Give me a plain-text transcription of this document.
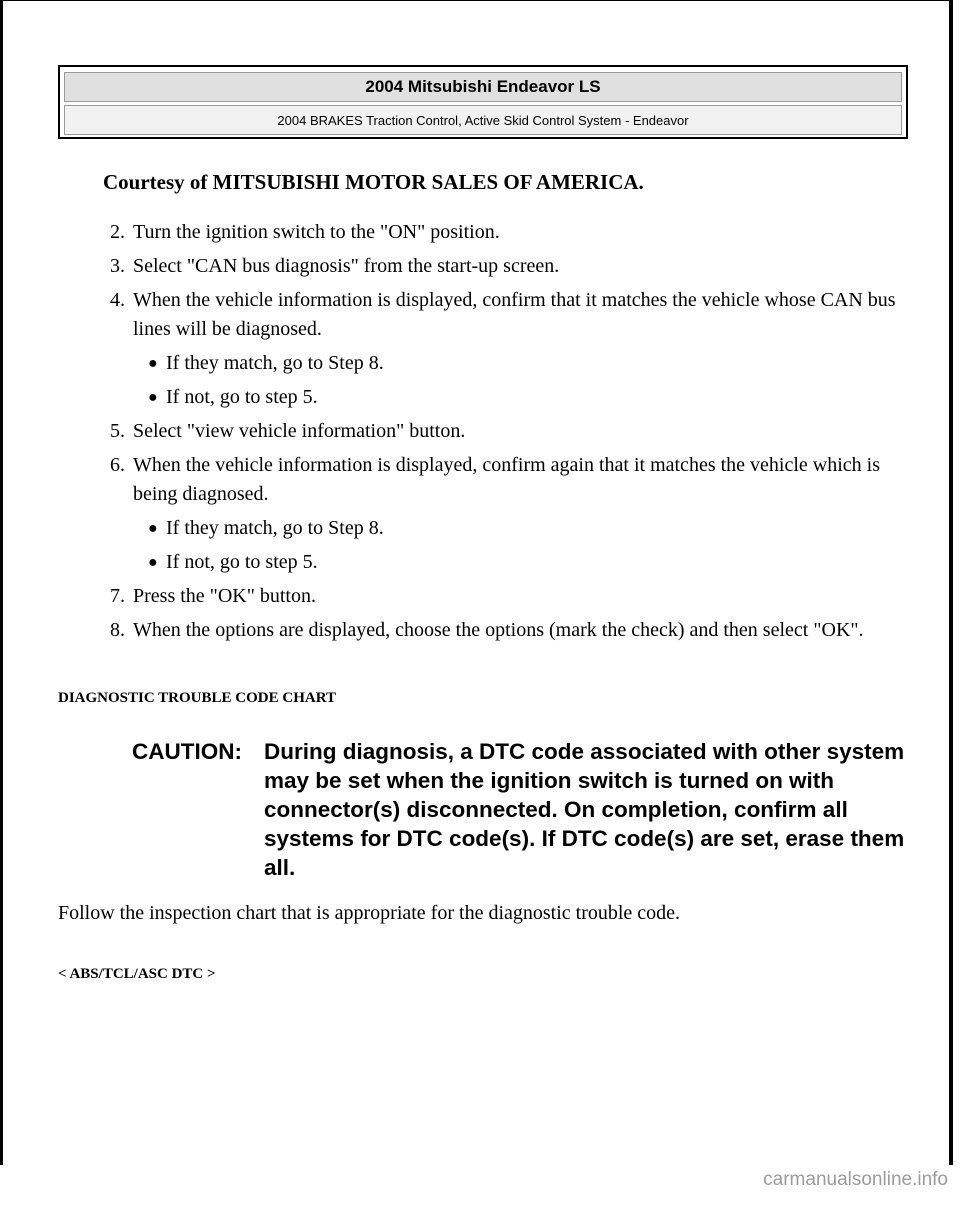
2004 Mitsubishi Endeavor LS
2004 BRAKES Traction Control, Active Skid Control System - Endeavor
Courtesy of MITSUBISHI MOTOR SALES OF AMERICA.
2. Turn the ignition switch to the "ON" position.
3. Select "CAN bus diagnosis" from the start-up screen.
4. When the vehicle information is displayed, confirm that it matches the vehicle whose CAN bus lines will be diagnosed.
● If they match, go to Step 8.
● If not, go to step 5.
5. Select "view vehicle information" button.
6. When the vehicle information is displayed, confirm again that it matches the vehicle which is being diagnosed.
● If they match, go to Step 8.
● If not, go to step 5.
7. Press the "OK" button.
8. When the options are displayed, choose the options (mark the check) and then select "OK".
DIAGNOSTIC TROUBLE CODE CHART
CAUTION: During diagnosis, a DTC code associated with other system may be set when the ignition switch is turned on with connector(s) disconnected. On completion, confirm all systems for DTC code(s). If DTC code(s) are set, erase them all.
Follow the inspection chart that is appropriate for the diagnostic trouble code.
< ABS/TCL/ASC DTC >
carmanualsonline.info
